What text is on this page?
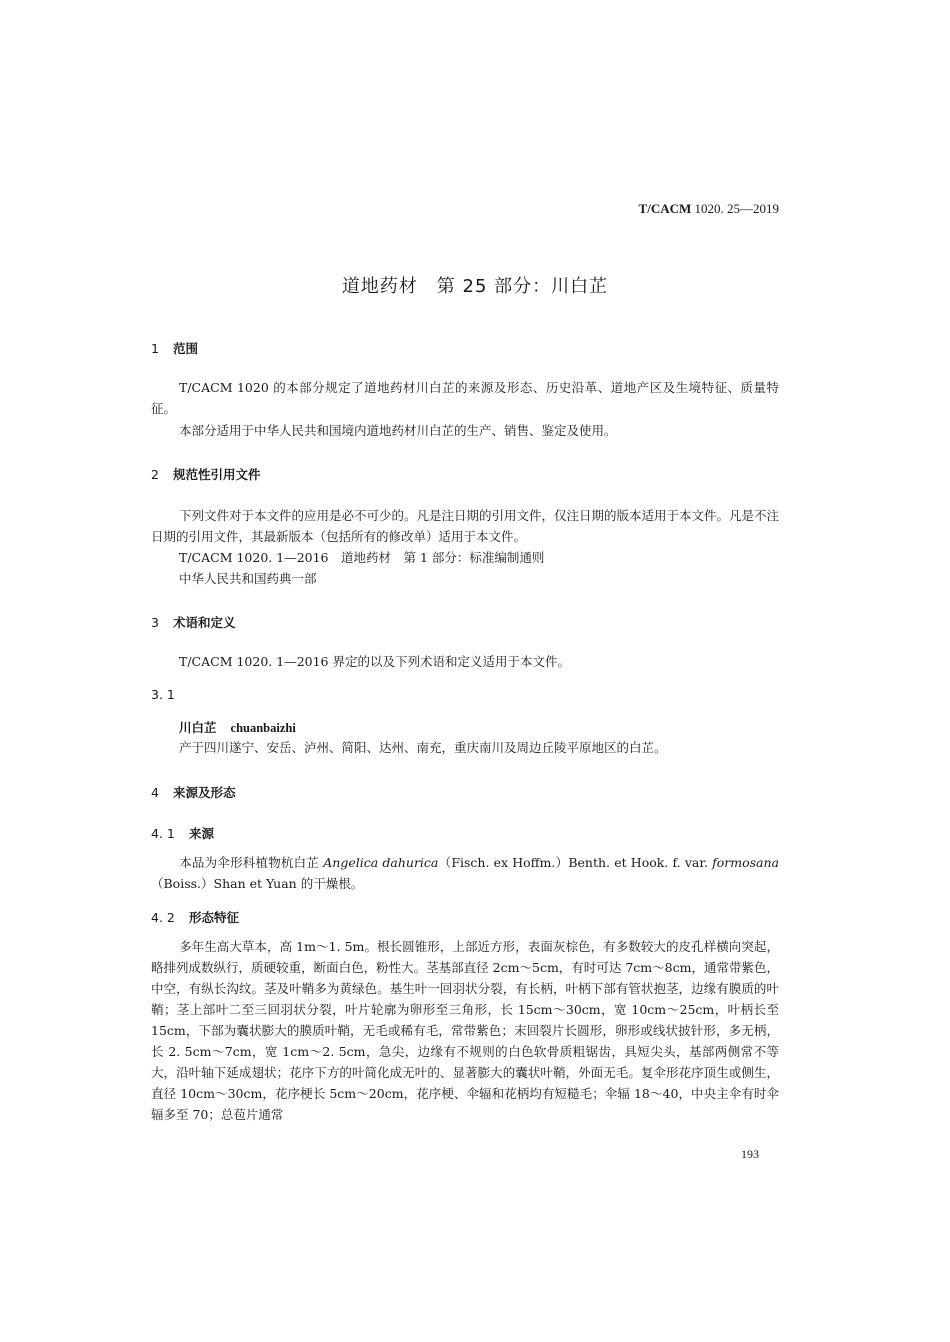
T/CACM 1020. 25—2019
道地药材　第 25 部分：川白芷
1 范围
T/CACM 1020 的本部分规定了道地药材川白芷的来源及形态、历史沿革、道地产区及生境特征、质量特征。
本部分适用于中华人民共和国境内道地药材川白芷的生产、销售、鉴定及使用。
2 规范性引用文件
下列文件对于本文件的应用是必不可少的。凡是注日期的引用文件，仅注日期的版本适用于本文件。凡是不注日期的引用文件，其最新版本（包括所有的修改单）适用于本文件。
T/CACM 1020. 1—2016　道地药材　第 1 部分：标准编制通则
中华人民共和国药典一部
3 术语和定义
T/CACM 1020. 1—2016 界定的以及下列术语和定义适用于本文件。
3. 1
川白芷 chuanbaizhi
产于四川遂宁、安岳、泸州、简阳、达州、南充，重庆南川及周边丘陵平原地区的白芷。
4 来源及形态
4. 1 来源
本品为伞形科植物杭白芷 Angelica dahurica（Fisch. ex Hoffm.）Benth. et Hook. f. var. formosana（Boiss.）Shan et Yuan 的干燥根。
4. 2 形态特征
多年生高大草本，高 1m～1. 5m。根长圆锥形，上部近方形，表面灰棕色，有多数较大的皮孔样横向突起，略排列成数纵行，质硬较重，断面白色，粉性大。茎基部直径 2cm～5cm，有时可达 7cm～8cm，通常带紫色，中空，有纵长沟纹。茎及叶鞘多为黄绿色。基生叶一回羽状分裂，有长柄，叶柄下部有管状抱茎，边缘有膜质的叶鞘；茎上部叶二至三回羽状分裂，叶片轮廓为卵形至三角形，长 15cm～30cm，宽 10cm～25cm，叶柄长至 15cm，下部为囊状膨大的膜质叶鞘，无毛或稀有毛，常带紫色；末回裂片长圆形，卵形或线状披针形，多无柄，长 2. 5cm～7cm，宽 1cm～2. 5cm，急尖，边缘有不规则的白色软骨质粗锯齿，具短尖头，基部两侧常不等大，沿叶轴下延成翅状；花序下方的叶简化成无叶的、显著膨大的囊状叶鞘，外面无毛。复伞形花序顶生或侧生，直径 10cm～30cm，花序梗长 5cm～20cm，花序梗、伞辐和花柄均有短糙毛；伞辐 18～40，中央主伞有时伞辐多至 70；总苞片通常
193
